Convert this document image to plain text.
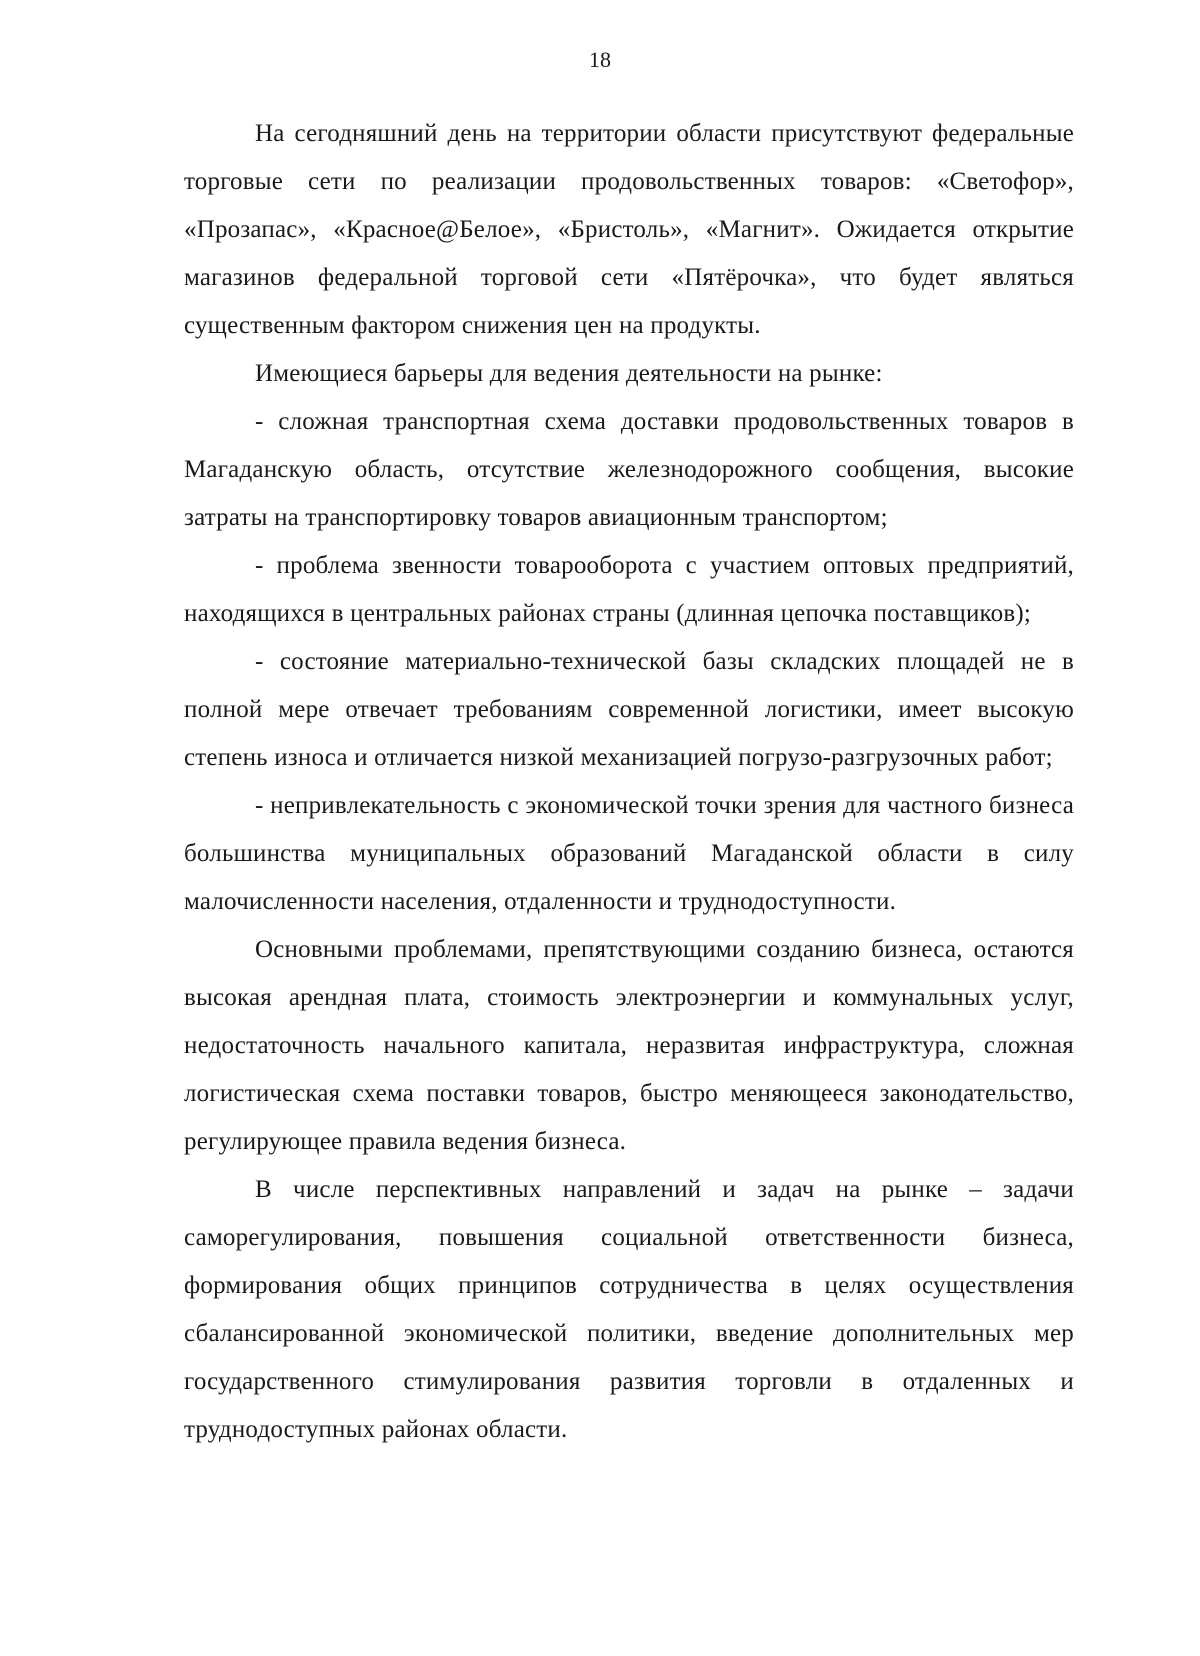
18

На сегодняшний день на территории области присутствуют федеральные торговые сети по реализации продовольственных товаров: «Светофор», «Прозапас», «Красное@Белое», «Бристоль», «Магнит». Ожидается открытие магазинов федеральной торговой сети «Пятёрочка», что будет являться существенным фактором снижения цен на продукты.

Имеющиеся барьеры для ведения деятельности на рынке:

- сложная транспортная схема доставки продовольственных товаров в Магаданскую область, отсутствие железнодорожного сообщения, высокие затраты на транспортировку товаров авиационным транспортом;

- проблема звенности товарооборота с участием оптовых предприятий, находящихся в центральных районах страны (длинная цепочка поставщиков);

- состояние материально-технической базы складских площадей не в полной мере отвечает требованиям современной логистики, имеет высокую степень износа и отличается низкой механизацией погрузо-разгрузочных работ;

- непривлекательность с экономической точки зрения для частного бизнеса большинства муниципальных образований Магаданской области в силу малочисленности населения, отдаленности и труднодоступности.

Основными проблемами, препятствующими созданию бизнеса, остаются высокая арендная плата, стоимость электроэнергии и коммунальных услуг, недостаточность начального капитала, неразвитая инфраструктура, сложная логистическая схема поставки товаров, быстро меняющееся законодательство, регулирующее правила ведения бизнеса.

В числе перспективных направлений и задач на рынке – задачи саморегулирования, повышения социальной ответственности бизнеса, формирования общих принципов сотрудничества в целях осуществления сбалансированной экономической политики, введение дополнительных мер государственного стимулирования развития торговли в отдаленных и труднодоступных районах области.
